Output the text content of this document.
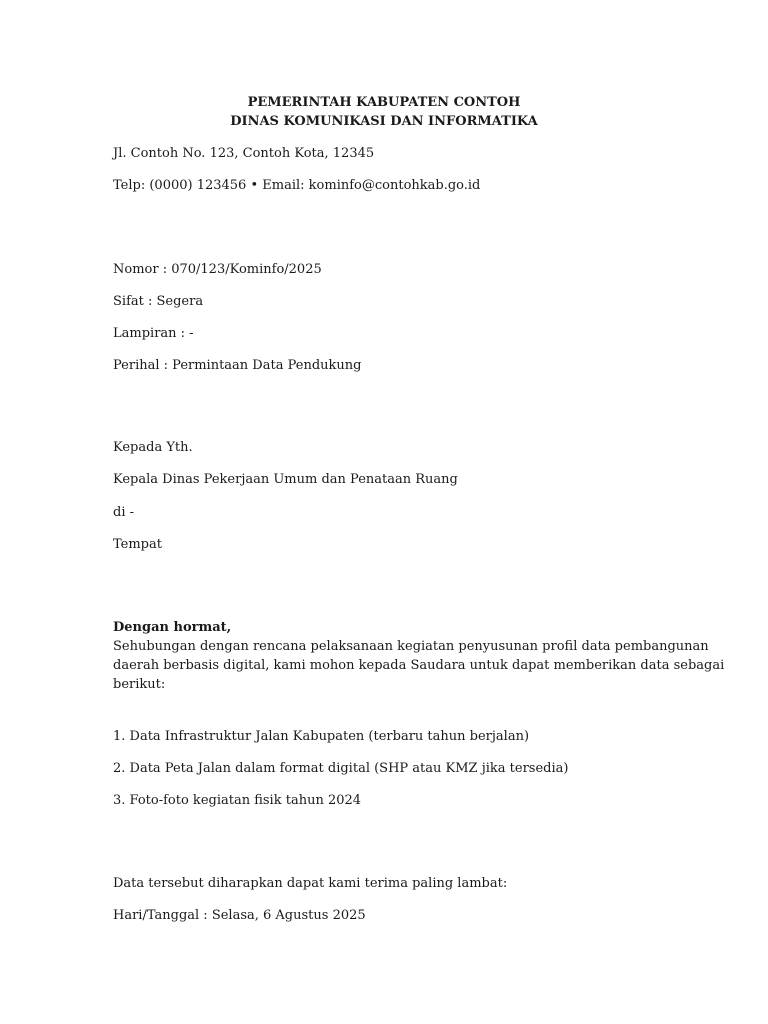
PEMERINTAH KABUPATEN CONTOH
DINAS KOMUNIKASI DAN INFORMATIKA
Jl. Contoh No. 123, Contoh Kota, 12345
Telp: (0000) 123456 • Email: kominfo@contohkab.go.id
Nomor : 070/123/Kominfo/2025
Sifat : Segera
Lampiran : -
Perihal : Permintaan Data Pendukung
Kepada Yth.
Kepala Dinas Pekerjaan Umum dan Penataan Ruang
di -
Tempat
Dengan hormat,
Sehubungan dengan rencana pelaksanaan kegiatan penyusunan profil data pembangunan
daerah berbasis digital, kami mohon kepada Saudara untuk dapat memberikan data sebagai
berikut:
1. Data Infrastruktur Jalan Kabupaten (terbaru tahun berjalan)
2. Data Peta Jalan dalam format digital (SHP atau KMZ jika tersedia)
3. Foto-foto kegiatan fisik tahun 2024
Data tersebut diharapkan dapat kami terima paling lambat:
Hari/Tanggal : Selasa, 6 Agustus 2025
